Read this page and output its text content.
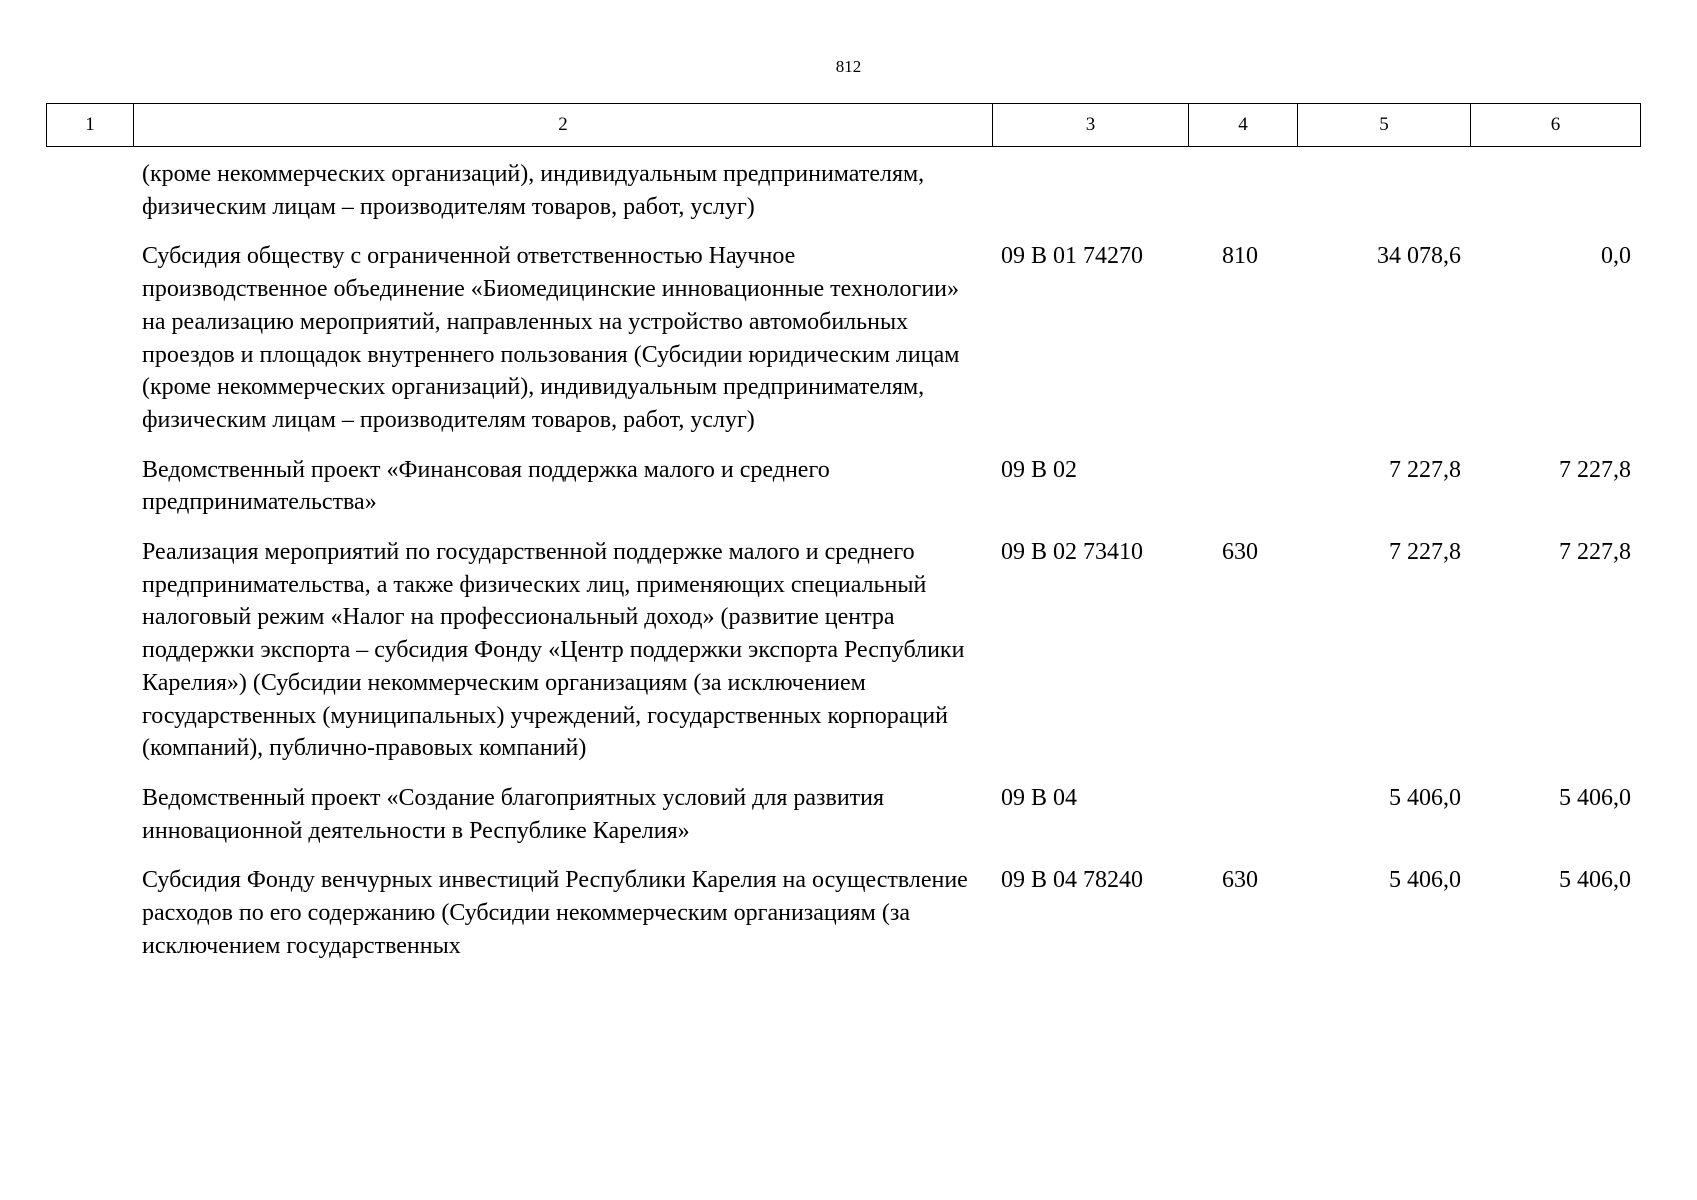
812
1	2	3	4	5	6
	(кроме некоммерческих организаций), индивидуальным предпринимателям, физическим лицам – производителям товаров, работ, услуг)				
	Субсидия обществу с ограниченной ответственностью Научное производственное объединение «Биомедицинские инновационные технологии» на реализацию мероприятий, направленных на устройство автомобильных проездов и площадок внутреннего пользования (Субсидии юридическим лицам (кроме некоммерческих организаций), индивидуальным предпринимателям, физическим лицам – производителям товаров, работ, услуг)	09 В 01 74270	810	34 078,6	0,0
	Ведомственный проект «Финансовая поддержка малого и среднего предпринимательства»	09 В 02		7 227,8	7 227,8
	Реализация мероприятий по государственной поддержке малого и среднего предпринимательства, а также физических лиц, применяющих специальный налоговый режим «Налог на профессиональный доход» (развитие центра поддержки экспорта – субсидия Фонду «Центр поддержки экспорта Республики Карелия») (Субсидии некоммерческим организациям (за исключением государственных (муниципальных) учреждений, государственных корпораций (компаний), публично-правовых компаний)	09 В 02 73410	630	7 227,8	7 227,8
	Ведомственный проект «Создание благоприятных условий для развития инновационной деятельности в Республике Карелия»	09 В 04		5 406,0	5 406,0
	Субсидия Фонду венчурных инвестиций Республики Карелия на осуществление расходов по его содержанию (Субсидии некоммерческим организациям (за исключением государственных	09 В 04 78240	630	5 406,0	5 406,0
